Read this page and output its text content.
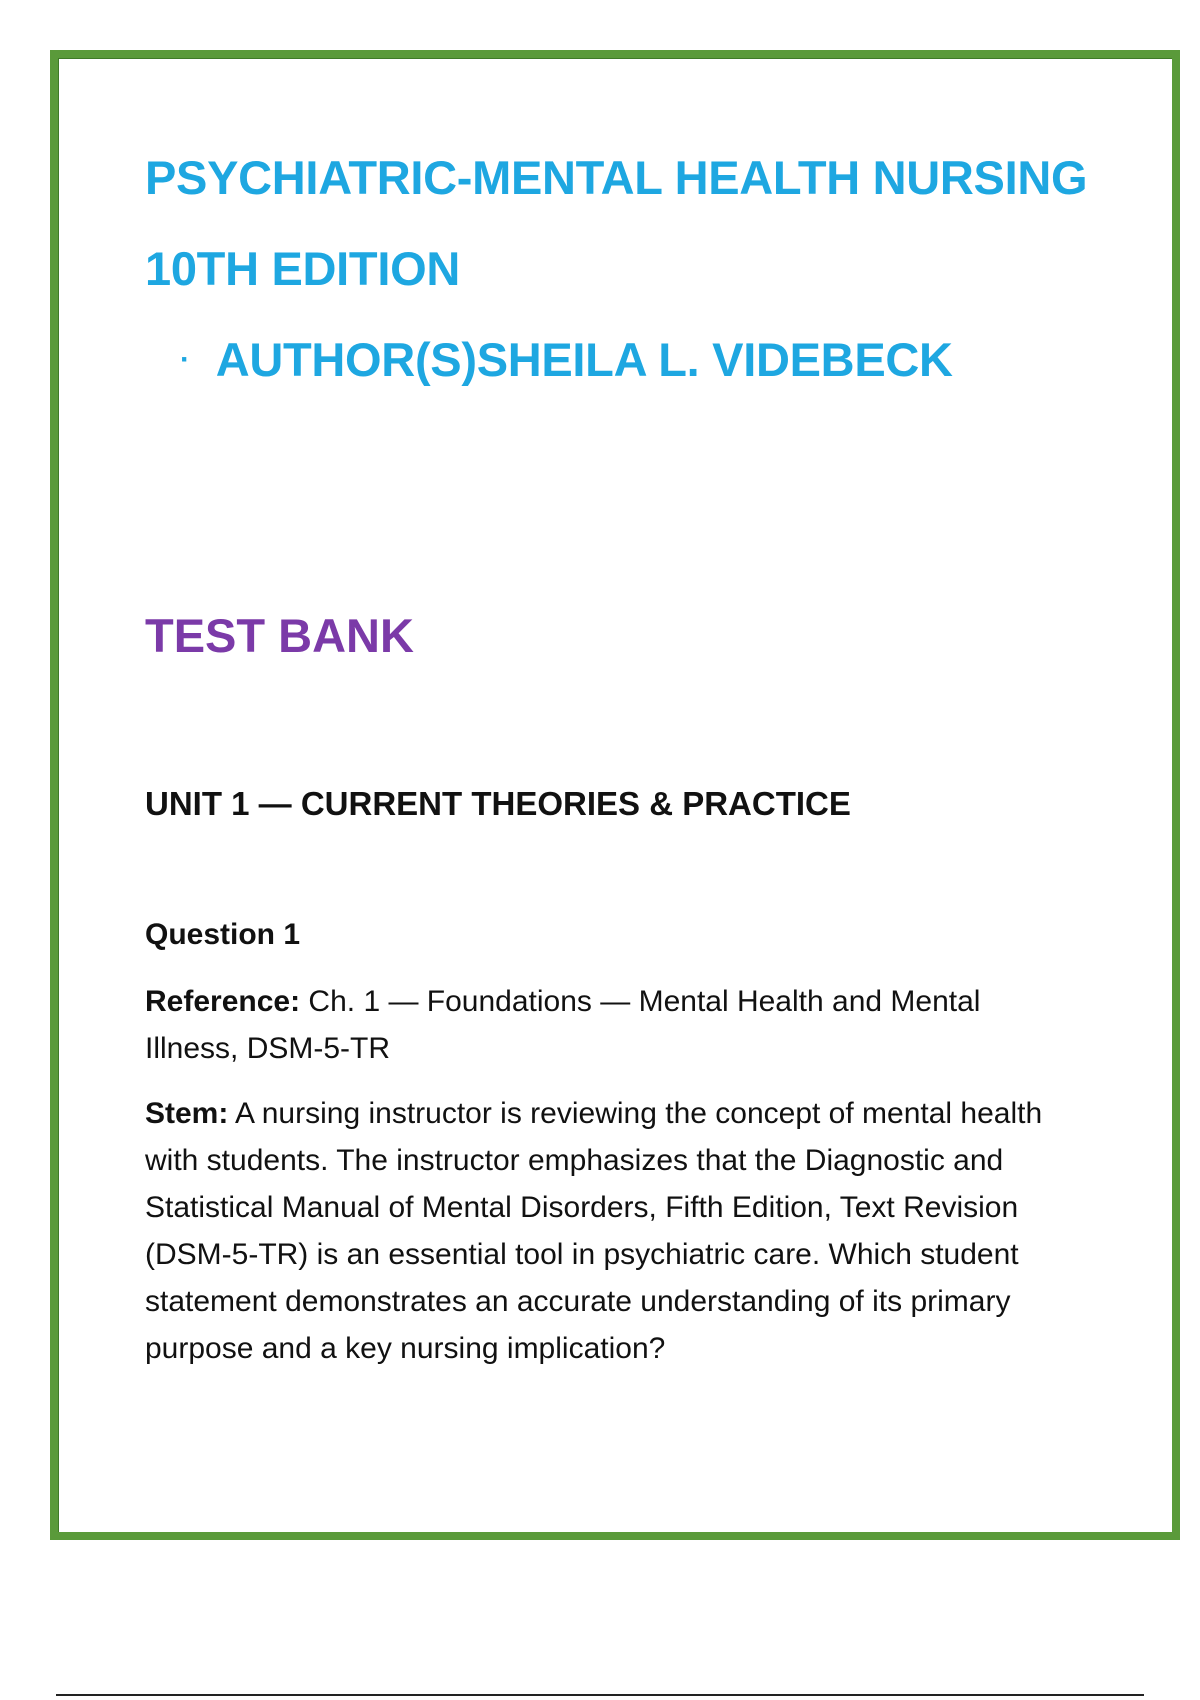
PSYCHIATRIC-MENTAL HEALTH NURSING
10TH EDITION
· AUTHOR(S)SHEILA L. VIDEBECK
TEST BANK
UNIT 1 — CURRENT THEORIES & PRACTICE
Question 1
Reference: Ch. 1 — Foundations — Mental Health and Mental Illness, DSM-5-TR
Stem: A nursing instructor is reviewing the concept of mental health with students. The instructor emphasizes that the Diagnostic and Statistical Manual of Mental Disorders, Fifth Edition, Text Revision (DSM-5-TR) is an essential tool in psychiatric care. Which student statement demonstrates an accurate understanding of its primary purpose and a key nursing implication?
